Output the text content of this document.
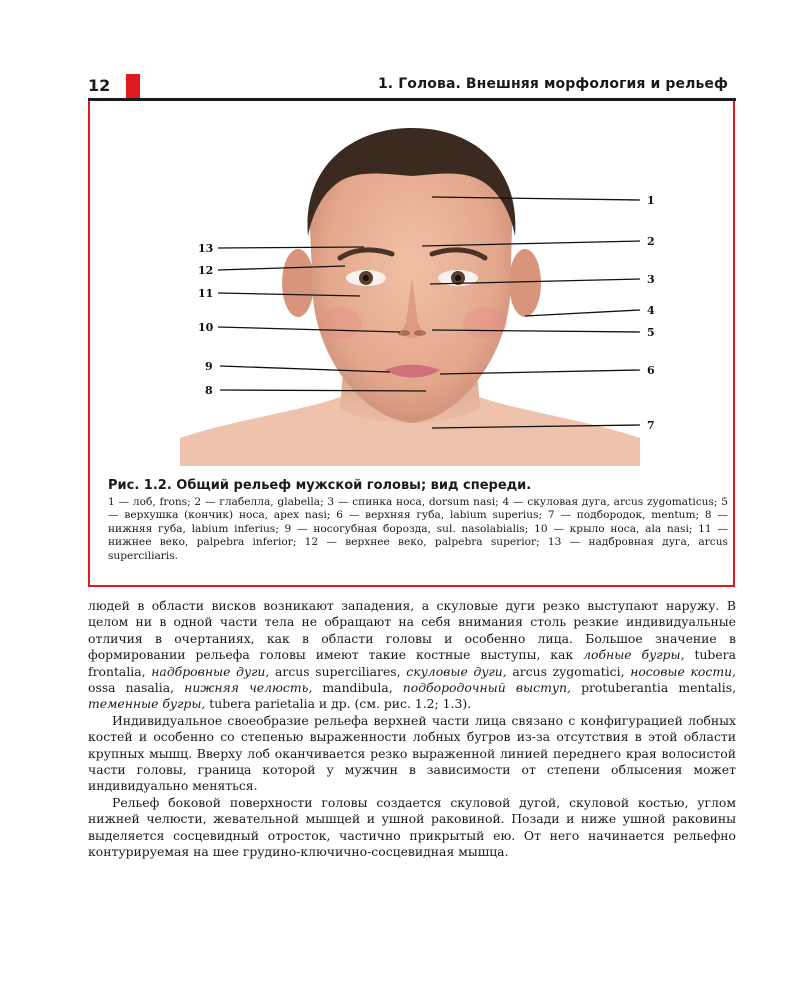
12	1. Голова. Внешняя морфология и рельеф
1
2
3
4
5
6
7
8
9
10
11
12
13
Рис. 1.2. Общий рельеф мужской головы; вид спереди.

1 — лоб, frons; 2 — глабелла, glabella; 3 — спинка носа, dorsum nasi; 4 — скуловая дуга, arcus zygomaticus; 5 — верхушка (кончик) носа, apex nasi; 6 — верхняя губа, labium superius; 7 — подбородок, mentum; 8 — нижняя губа, labium inferius; 9 — носогубная борозда, sul. nasolabialis; 10 — крыло носа, ala nasi; 11 — нижнее веко, palpebra inferior; 12 — верхнее веко, palpebra superior; 13 — надбровная дуга, arcus superciliaris.

людей в области висков возникают западения, а скуловые дуги резко выступают наружу. В целом ни в одной части тела не обращают на себя внимания столь резкие индивидуальные отличия в очертаниях, как в области головы и особенно лица. Большое значение в формировании рельефа головы имеют такие костные выступы, как лобные бугры, tubera frontalia, надбровные дуги, arcus superciliares, скуловые дуги, arcus zygomatici, носовые кости, ossa nasalia, нижняя челюсть, mandibula, подбородочный выступ, protuberantia mentalis, теменные бугры, tubera parietalia и др. (см. рис. 1.2; 1.3).

Индивидуальное своеобразие рельефа верхней части лица связано с конфигурацией лобных костей и особенно со степенью выраженности лобных бугров из-за отсутствия в этой области крупных мышц. Вверху лоб оканчивается резко выраженной линией переднего края волосистой части головы, граница которой у мужчин в зависимости от степени облысения может индивидуально меняться.

Рельеф боковой поверхности головы создается скуловой дугой, скуловой костью, углом нижней челюсти, жевательной мышцей и ушной раковиной. Позади и ниже ушной раковины выделяется сосцевидный отросток, частично прикрытый ею. От него начинается рельефно контурируемая на шее грудино-ключично-сосцевидная мышца.
